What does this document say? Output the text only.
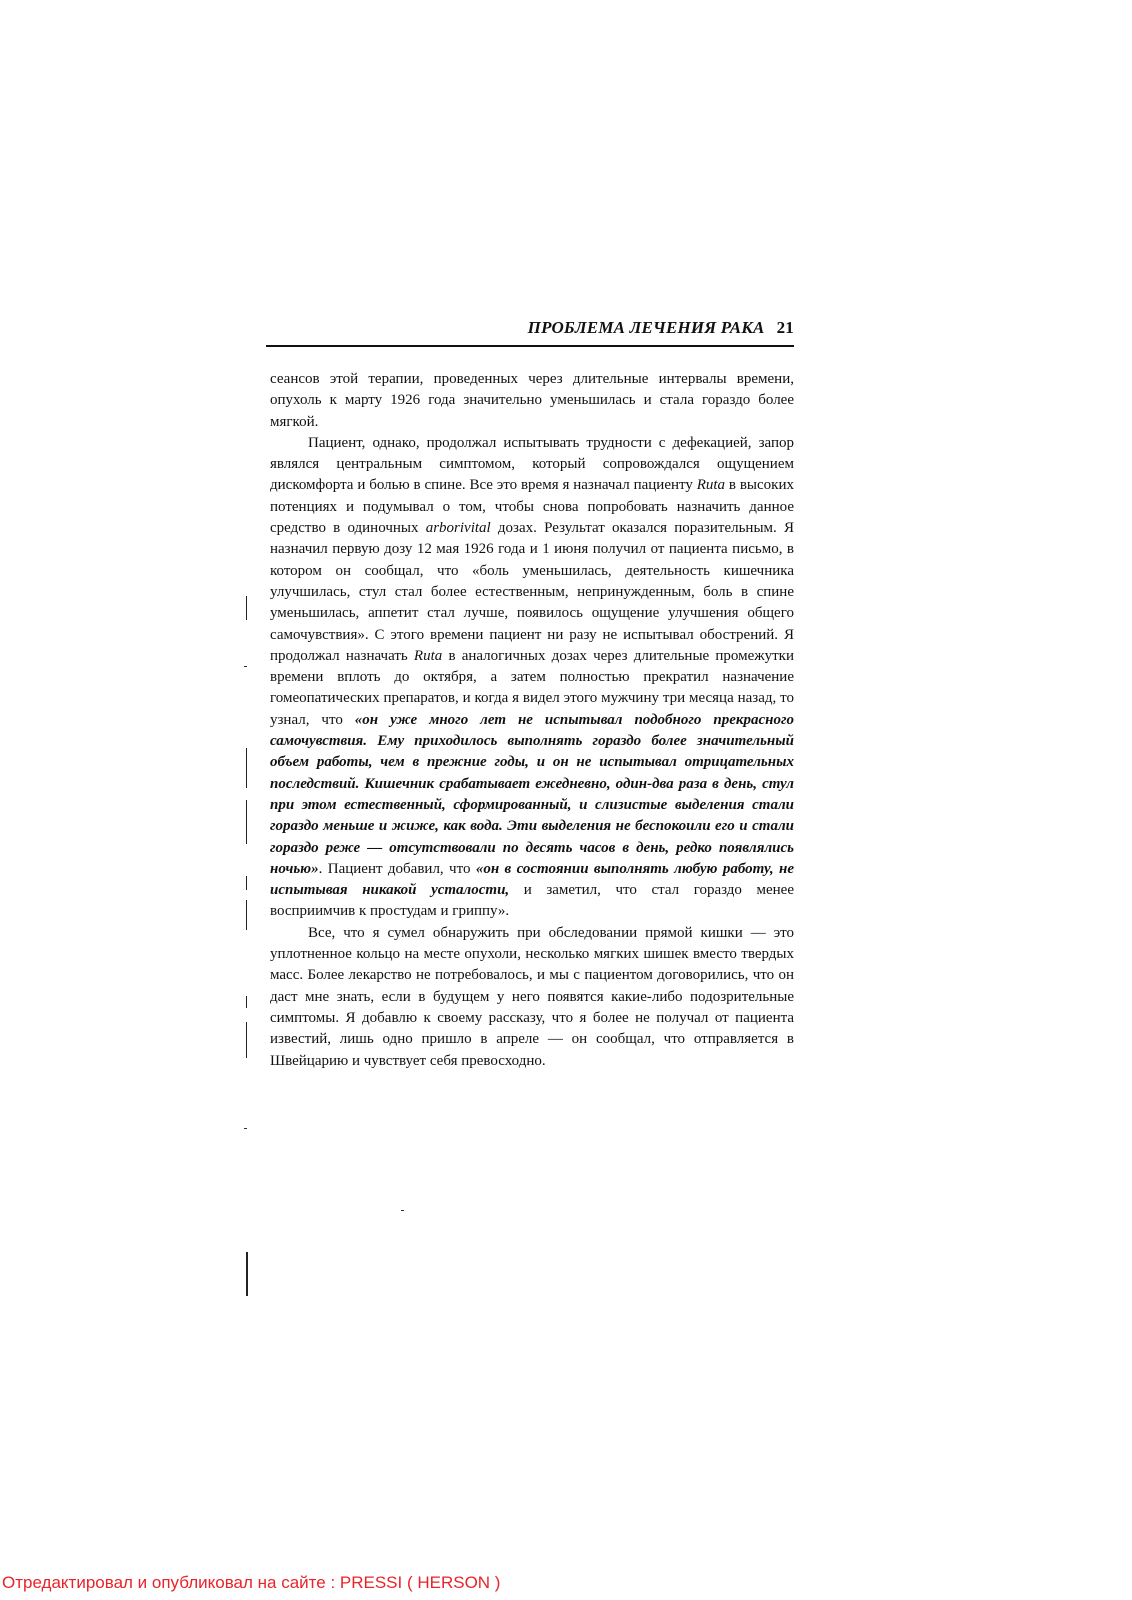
ПРОБЛЕМА ЛЕЧЕНИЯ РАКА 21

сеансов этой терапии, проведенных через длительные интервалы времени, опухоль к марту 1926 года значительно уменьшилась и стала гораздо более мягкой.

Пациент, однако, продолжал испытывать трудности с дефекацией, запор являлся центральным симптомом, который сопровождался ощущением дискомфорта и болью в спине. Все это время я назначал пациенту Ruta в высоких потенциях и подумывал о том, чтобы снова попробовать назначить данное средство в одиночных arborivital дозах. Результат оказался поразительным. Я назначил первую дозу 12 мая 1926 года и 1 июня получил от пациента письмо, в котором он сообщал, что «боль уменьшилась, деятельность кишечника улучшилась, стул стал более естественным, непринужденным, боль в спине уменьшилась, аппетит стал лучше, появилось ощущение улучшения общего самочувствия». С этого времени пациент ни разу не испытывал обострений. Я продолжал назначать Ruta в аналогичных дозах через длительные промежутки времени вплоть до октября, а затем полностью прекратил назначение гомеопатических препаратов, и когда я видел этого мужчину три месяца назад, то узнал, что «он уже много лет не испытывал подобного прекрасного самочувствия. Ему приходилось выполнять гораздо более значительный объем работы, чем в прежние годы, и он не испытывал отрицательных последствий. Кишечник срабатывает ежедневно, один-два раза в день, стул при этом естественный, сформированный, и слизистые выделения стали гораздо меньше и жиже, как вода. Эти выделения не беспокоили его и стали гораздо реже — отсутствовали по десять часов в день, редко появлялись ночью». Пациент добавил, что «он в состоянии выполнять любую работу, не испытывая никакой усталости, и заметил, что стал гораздо менее восприимчив к простудам и гриппу».

Все, что я сумел обнаружить при обследовании прямой кишки — это уплотненное кольцо на месте опухоли, несколько мягких шишек вместо твердых масс. Более лекарство не потребовалось, и мы с пациентом договорились, что он даст мне знать, если в будущем у него появятся какие-либо подозрительные симптомы. Я добавлю к своему рассказу, что я более не получал от пациента известий, лишь одно пришло в апреле — он сообщал, что отправляется в Швейцарию и чувствует себя превосходно.

Отредактировал и опубликовал на сайте : PRESSI ( HERSON )
